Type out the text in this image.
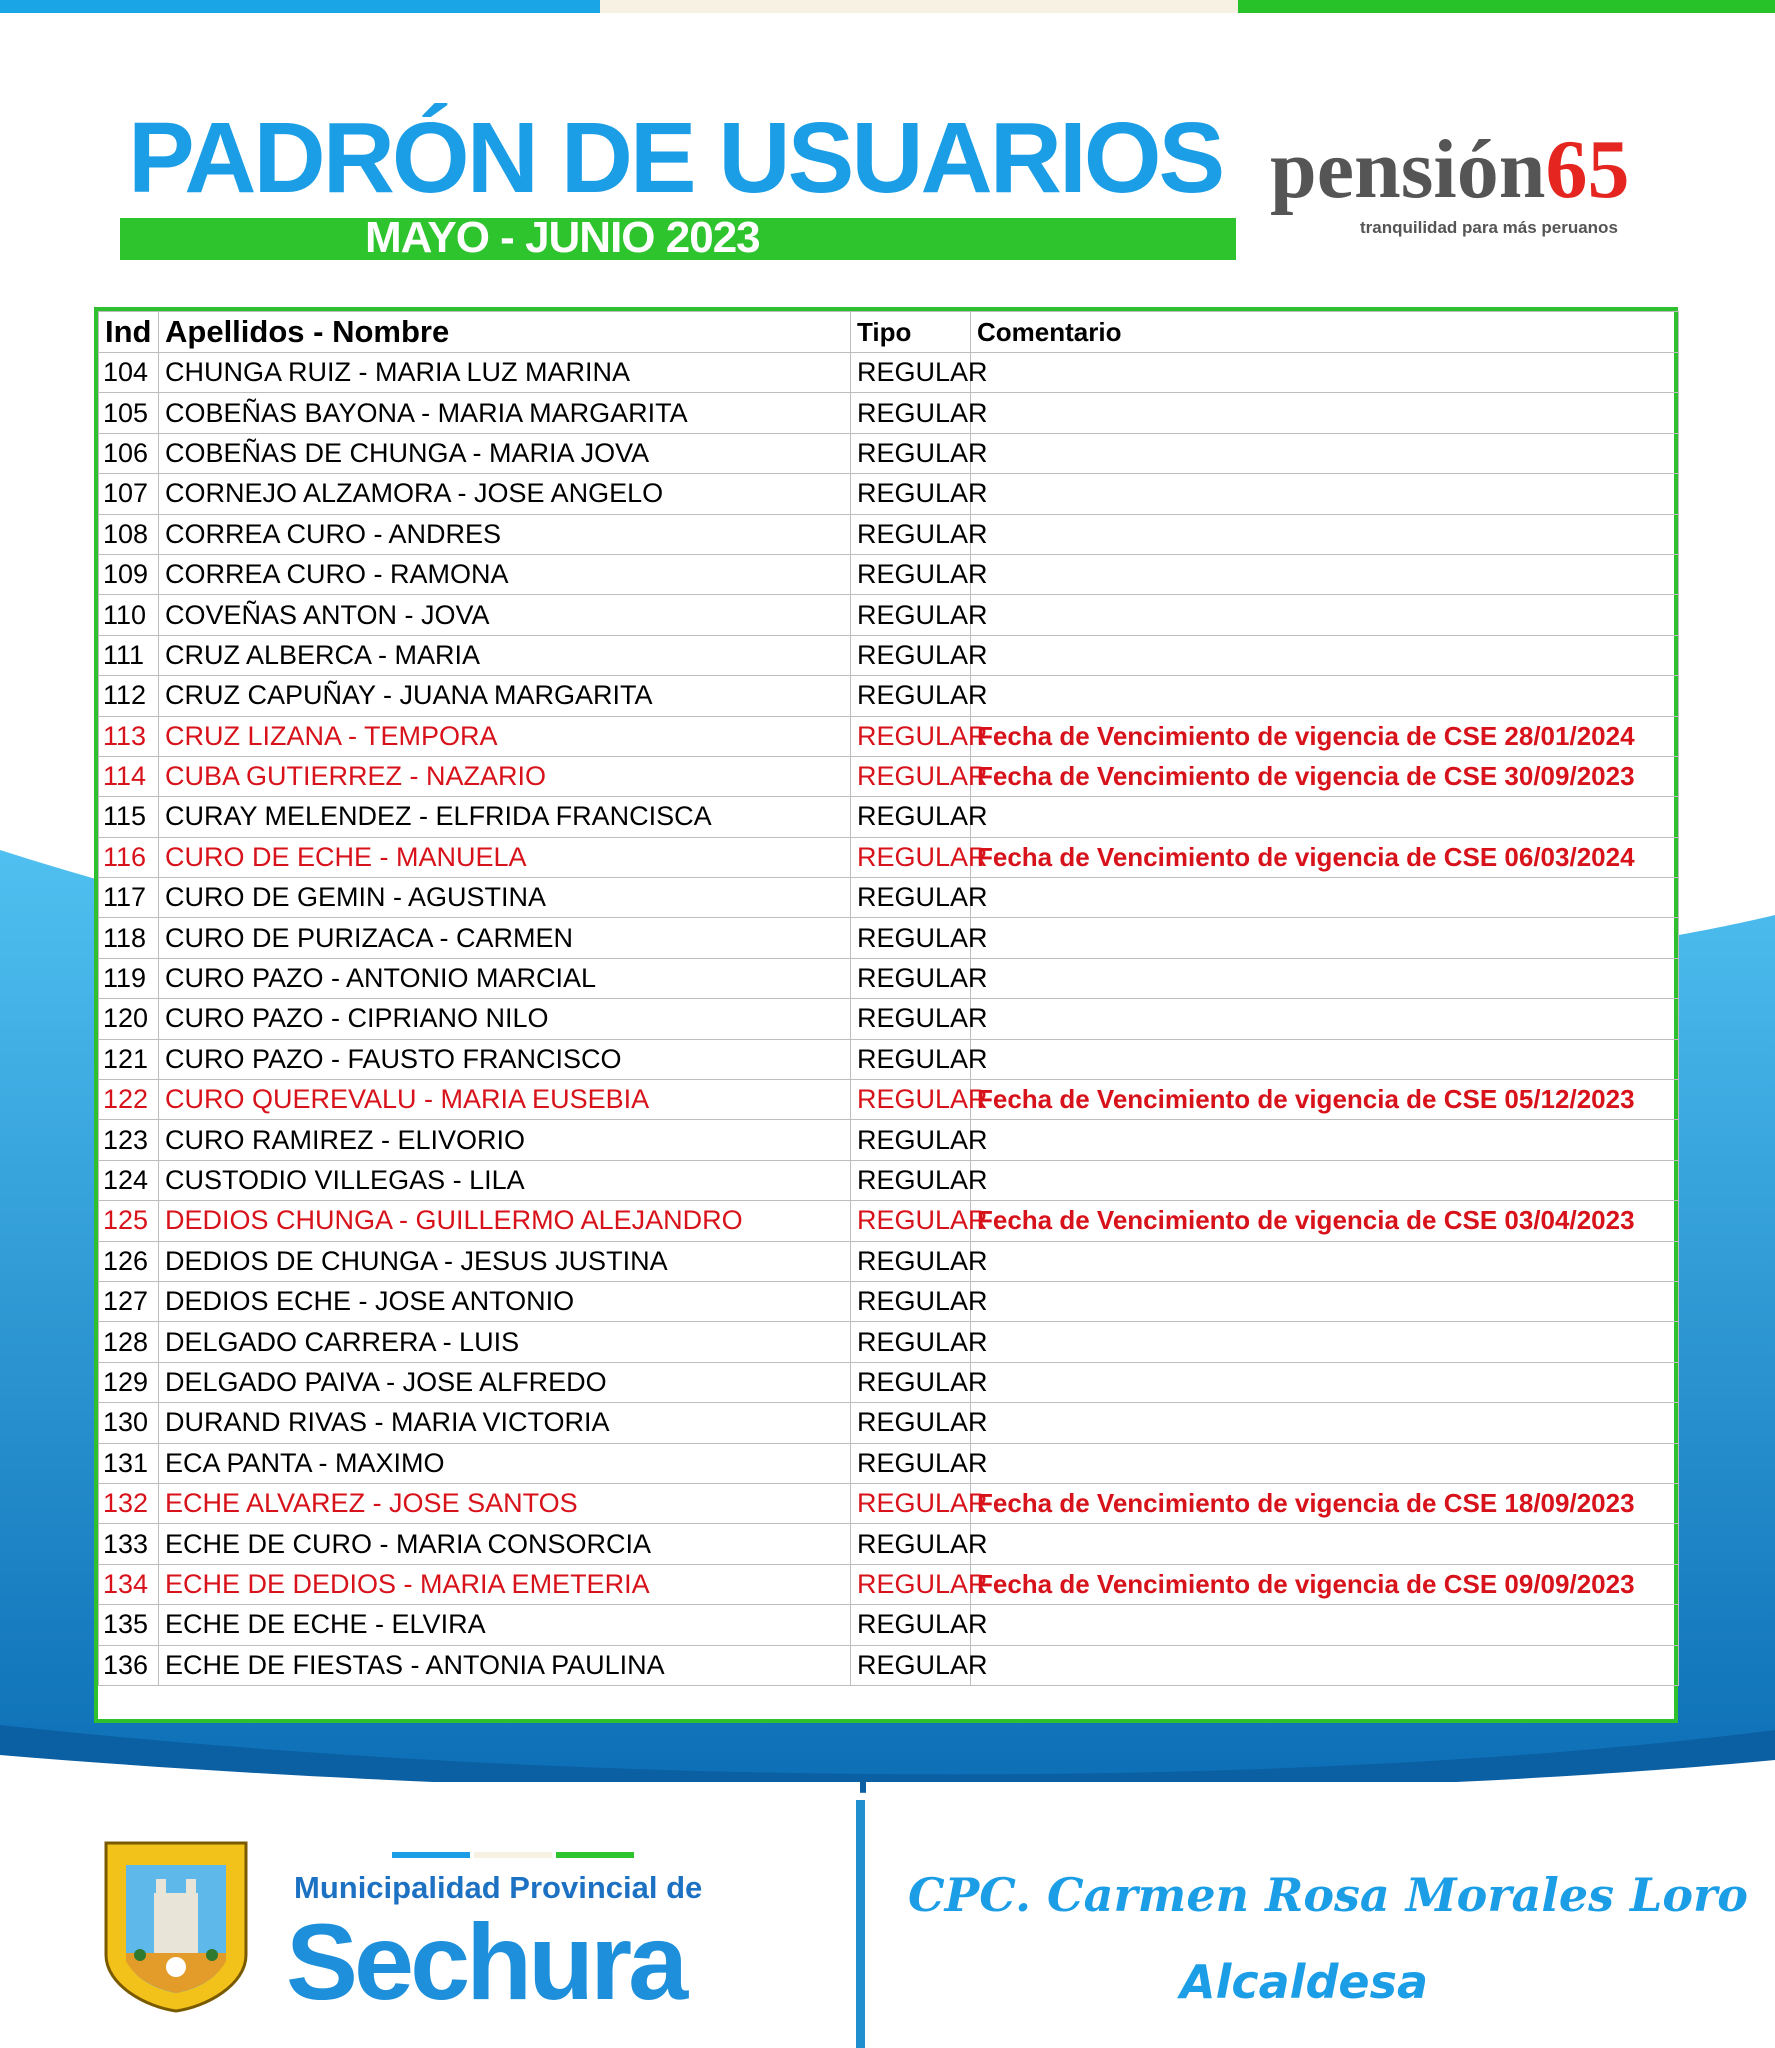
PADRÓN DE USUARIOS
MAYO - JUNIO 2023
pensión65
tranquilidad para más peruanos
Ind	Apellidos - Nombre	Tipo	Comentario
104	CHUNGA RUIZ - MARIA LUZ MARINA	REGULAR	
105	COBEÑAS BAYONA - MARIA MARGARITA	REGULAR	
106	COBEÑAS DE CHUNGA - MARIA JOVA	REGULAR	
107	CORNEJO ALZAMORA - JOSE ANGELO	REGULAR	
108	CORREA CURO - ANDRES	REGULAR	
109	CORREA CURO - RAMONA	REGULAR	
110	COVEÑAS ANTON - JOVA	REGULAR	
111	CRUZ ALBERCA - MARIA	REGULAR	
112	CRUZ CAPUÑAY - JUANA MARGARITA	REGULAR	
113	CRUZ LIZANA - TEMPORA	REGULAR	Fecha de Vencimiento de vigencia de CSE 28/01/2024
114	CUBA GUTIERREZ - NAZARIO	REGULAR	Fecha de Vencimiento de vigencia de CSE 30/09/2023
115	CURAY MELENDEZ - ELFRIDA FRANCISCA	REGULAR	
116	CURO DE ECHE - MANUELA	REGULAR	Fecha de Vencimiento de vigencia de CSE 06/03/2024
117	CURO DE GEMIN - AGUSTINA	REGULAR	
118	CURO DE PURIZACA - CARMEN	REGULAR	
119	CURO PAZO - ANTONIO MARCIAL	REGULAR	
120	CURO PAZO - CIPRIANO NILO	REGULAR	
121	CURO PAZO - FAUSTO FRANCISCO	REGULAR	
122	CURO QUEREVALU - MARIA EUSEBIA	REGULAR	Fecha de Vencimiento de vigencia de CSE 05/12/2023
123	CURO RAMIREZ - ELIVORIO	REGULAR	
124	CUSTODIO VILLEGAS - LILA	REGULAR	
125	DEDIOS CHUNGA - GUILLERMO ALEJANDRO	REGULAR	Fecha de Vencimiento de vigencia de CSE 03/04/2023
126	DEDIOS DE CHUNGA - JESUS JUSTINA	REGULAR	
127	DEDIOS ECHE - JOSE ANTONIO	REGULAR	
128	DELGADO CARRERA - LUIS	REGULAR	
129	DELGADO PAIVA - JOSE ALFREDO	REGULAR	
130	DURAND RIVAS - MARIA VICTORIA	REGULAR	
131	ECA PANTA - MAXIMO	REGULAR	
132	ECHE ALVAREZ - JOSE SANTOS	REGULAR	Fecha de Vencimiento de vigencia de CSE 18/09/2023
133	ECHE DE CURO - MARIA CONSORCIA	REGULAR	
134	ECHE DE DEDIOS - MARIA EMETERIA	REGULAR	Fecha de Vencimiento de vigencia de CSE 09/09/2023
135	ECHE DE ECHE - ELVIRA	REGULAR	
136	ECHE DE FIESTAS - ANTONIA PAULINA	REGULAR	
Municipalidad Provincial de
Sechura
CPC. Carmen Rosa Morales Loro
Alcaldesa
